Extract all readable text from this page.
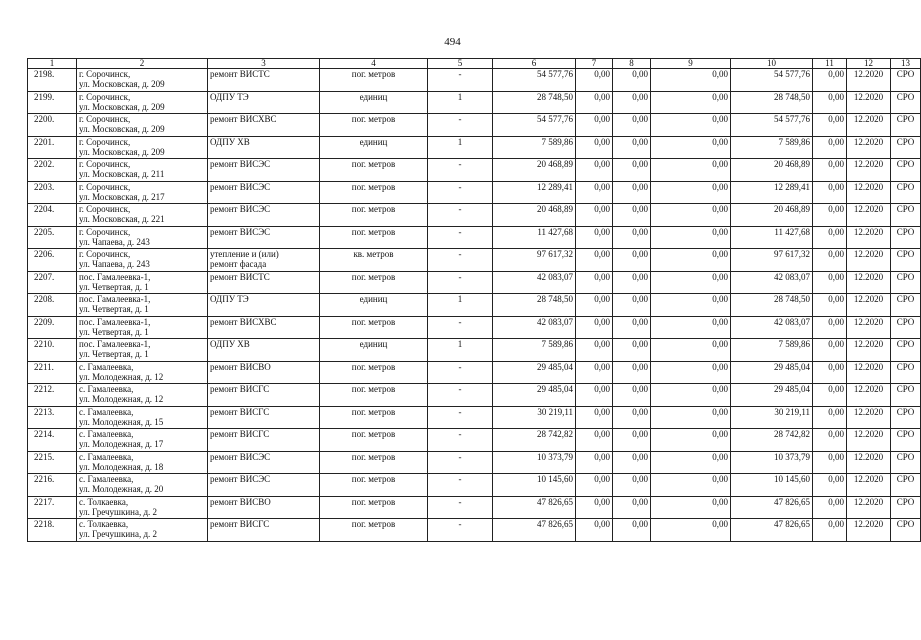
494
1	2	3	4	5	6	7	8	9	10	11	12	13

2198.	г. Сорочинск,
ул. Московская, д. 209	ремонт ВИСТС	пог. метров	-	54 577,76	0,00	0,00	0,00	54 577,76	0,00	12.2020	СРО

2199.	г. Сорочинск,
ул. Московская, д. 209	ОДПУ ТЭ	единиц	1	28 748,50	0,00	0,00	0,00	28 748,50	0,00	12.2020	СРО

2200.	г. Сорочинск,
ул. Московская, д. 209	ремонт ВИСХВС	пог. метров	-	54 577,76	0,00	0,00	0,00	54 577,76	0,00	12.2020	СРО

2201.	г. Сорочинск,
ул. Московская, д. 209	ОДПУ ХВ	единиц	1	7 589,86	0,00	0,00	0,00	7 589,86	0,00	12.2020	СРО

2202.	г. Сорочинск,
ул. Московская, д. 211	ремонт ВИСЭС	пог. метров	-	20 468,89	0,00	0,00	0,00	20 468,89	0,00	12.2020	СРО

2203.	г. Сорочинск,
ул. Московская, д. 217	ремонт ВИСЭС	пог. метров	-	12 289,41	0,00	0,00	0,00	12 289,41	0,00	12.2020	СРО

2204.	г. Сорочинск,
ул. Московская, д. 221	ремонт ВИСЭС	пог. метров	-	20 468,89	0,00	0,00	0,00	20 468,89	0,00	12.2020	СРО

2205.	г. Сорочинск,
ул. Чапаева, д. 243	ремонт ВИСЭС	пог. метров	-	11 427,68	0,00	0,00	0,00	11 427,68	0,00	12.2020	СРО

2206.	г. Сорочинск,
ул. Чапаева, д. 243	утепление и (или)
ремонт фасада	кв. метров	-	97 617,32	0,00	0,00	0,00	97 617,32	0,00	12.2020	СРО

2207.	пос. Гамалеевка-1,
ул. Четвертая, д. 1	ремонт ВИСТС	пог. метров	-	42 083,07	0,00	0,00	0,00	42 083,07	0,00	12.2020	СРО

2208.	пос. Гамалеевка-1,
ул. Четвертая, д. 1	ОДПУ ТЭ	единиц	1	28 748,50	0,00	0,00	0,00	28 748,50	0,00	12.2020	СРО

2209.	пос. Гамалеевка-1,
ул. Четвертая, д. 1	ремонт ВИСХВС	пог. метров	-	42 083,07	0,00	0,00	0,00	42 083,07	0,00	12.2020	СРО

2210.	пос. Гамалеевка-1,
ул. Четвертая, д. 1	ОДПУ ХВ	единиц	1	7 589,86	0,00	0,00	0,00	7 589,86	0,00	12.2020	СРО

2211.	с. Гамалеевка,
ул. Молодежная, д. 12	ремонт ВИСВО	пог. метров	-	29 485,04	0,00	0,00	0,00	29 485,04	0,00	12.2020	СРО

2212.	с. Гамалеевка,
ул. Молодежная, д. 12	ремонт ВИСГС	пог. метров	-	29 485,04	0,00	0,00	0,00	29 485,04	0,00	12.2020	СРО

2213.	с. Гамалеевка,
ул. Молодежная, д. 15	ремонт ВИСГС	пог. метров	-	30 219,11	0,00	0,00	0,00	30 219,11	0,00	12.2020	СРО

2214.	с. Гамалеевка,
ул. Молодежная, д. 17	ремонт ВИСГС	пог. метров	-	28 742,82	0,00	0,00	0,00	28 742,82	0,00	12.2020	СРО

2215.	с. Гамалеевка,
ул. Молодежная, д. 18	ремонт ВИСЭС	пог. метров	-	10 373,79	0,00	0,00	0,00	10 373,79	0,00	12.2020	СРО

2216.	с. Гамалеевка,
ул. Молодежная, д. 20	ремонт ВИСЭС	пог. метров	-	10 145,60	0,00	0,00	0,00	10 145,60	0,00	12.2020	СРО

2217.	с. Толкаевка,
ул. Гречушкина, д. 2	ремонт ВИСВО	пог. метров	-	47 826,65	0,00	0,00	0,00	47 826,65	0,00	12.2020	СРО

2218.	с. Толкаевка,
ул. Гречушкина, д. 2	ремонт ВИСГС	пог. метров	-	47 826,65	0,00	0,00	0,00	47 826,65	0,00	12.2020	СРО
